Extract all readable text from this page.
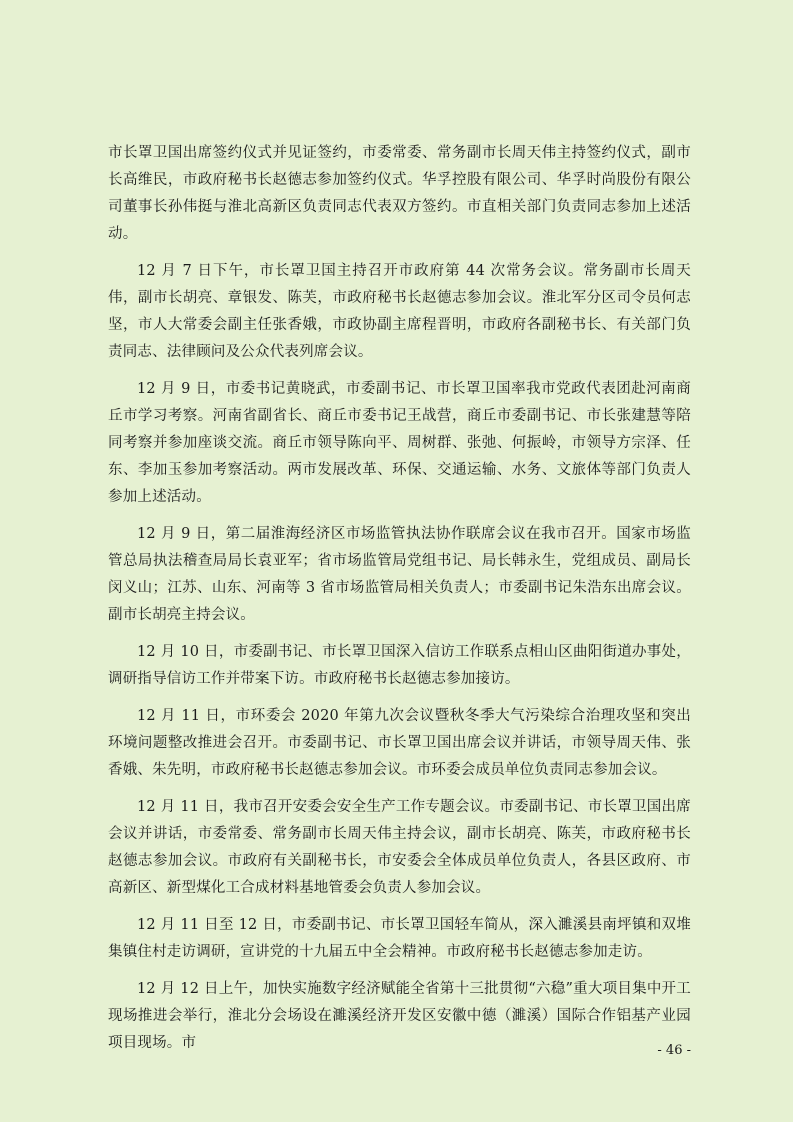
市长罩卫国出席签约仪式并见证签约，市委常委、常务副市长周天伟主持签约仪式，副市长高维民，市政府秘书长赵德志参加签约仪式。华孚控股有限公司、华孚时尚股份有限公司董事长孙伟挺与淮北高新区负责同志代表双方签约。市直相关部门负责同志参加上述活动。

12 月 7 日下午，市长罩卫国主持召开市政府第 44 次常务会议。常务副市长周天伟，副市长胡亮、章银发、陈芙，市政府秘书长赵德志参加会议。淮北军分区司令员何志坚，市人大常委会副主任张香娥，市政协副主席程晋明，市政府各副秘书长、有关部门负责同志、法律顾问及公众代表列席会议。

12 月 9 日，市委书记黄晓武，市委副书记、市长罩卫国率我市党政代表团赴河南商丘市学习考察。河南省副省长、商丘市委书记王战营，商丘市委副书记、市长张建慧等陪同考察并参加座谈交流。商丘市领导陈向平、周树群、张弛、何振岭，市领导方宗泽、任东、李加玉参加考察活动。两市发展改革、环保、交通运输、水务、文旅体等部门负责人参加上述活动。

12 月 9 日，第二届淮海经济区市场监管执法协作联席会议在我市召开。国家市场监管总局执法稽查局局长袁亚军；省市场监管局党组书记、局长韩永生，党组成员、副局长闵义山；江苏、山东、河南等 3 省市场监管局相关负责人；市委副书记朱浩东出席会议。副市长胡亮主持会议。

12 月 10 日，市委副书记、市长罩卫国深入信访工作联系点相山区曲阳街道办事处，调研指导信访工作并带案下访。市政府秘书长赵德志参加接访。

12 月 11 日，市环委会 2020 年第九次会议暨秋冬季大气污染综合治理攻坚和突出环境问题整改推进会召开。市委副书记、市长罩卫国出席会议并讲话，市领导周天伟、张香娥、朱先明，市政府秘书长赵德志参加会议。市环委会成员单位负责同志参加会议。

12 月 11 日，我市召开安委会安全生产工作专题会议。市委副书记、市长罩卫国出席会议并讲话，市委常委、常务副市长周天伟主持会议，副市长胡亮、陈芙，市政府秘书长赵德志参加会议。市政府有关副秘书长，市安委会全体成员单位负责人，各县区政府、市高新区、新型煤化工合成材料基地管委会负责人参加会议。

12 月 11 日至 12 日，市委副书记、市长罩卫国轻车简从，深入濉溪县南坪镇和双堆集镇住村走访调研，宣讲党的十九届五中全会精神。市政府秘书长赵德志参加走访。

12 月 12 日上午，加快实施数字经济赋能全省第十三批贯彻“六稳”重大项目集中开工现场推进会举行，淮北分会场设在濉溪经济开发区安徽中德（濉溪）国际合作铝基产业园项目现场。市	- 46 -
